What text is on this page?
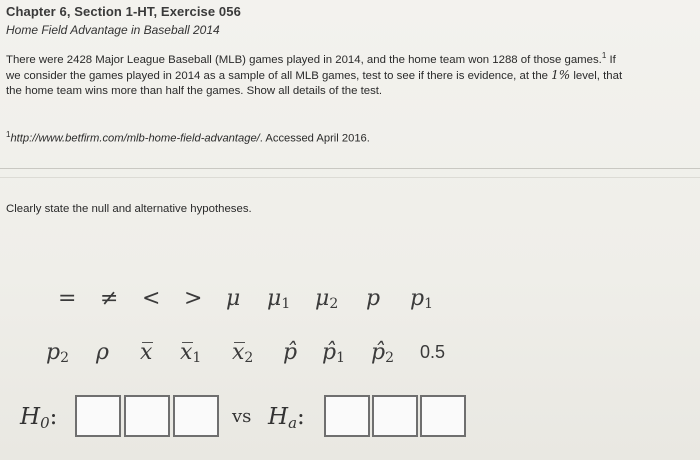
Chapter 6, Section 1-HT, Exercise 056
Home Field Advantage in Baseball 2014
There were 2428 Major League Baseball (MLB) games played in 2014, and the home team won 1288 of those games.$^1$ If
we consider the games played in 2014 as a sample of all MLB games, test to see if there is evidence, at the 1% level, that
the home team wins more than half the games. Show all details of the test.
$^1$http://www.betfirm.com/mlb-home-field-advantage/. Accessed April 2016.
Clearly state the null and alternative hypotheses.
= ≠ < > μ $\mu_1$ $\mu_2$ p $p_1$
$p_2$ ρ x̅ $x̅_1$ $x̅_2$ p̂ $p̂_1$ $p̂_2$ 0.5
$H_0$:	vs $H_a$:
